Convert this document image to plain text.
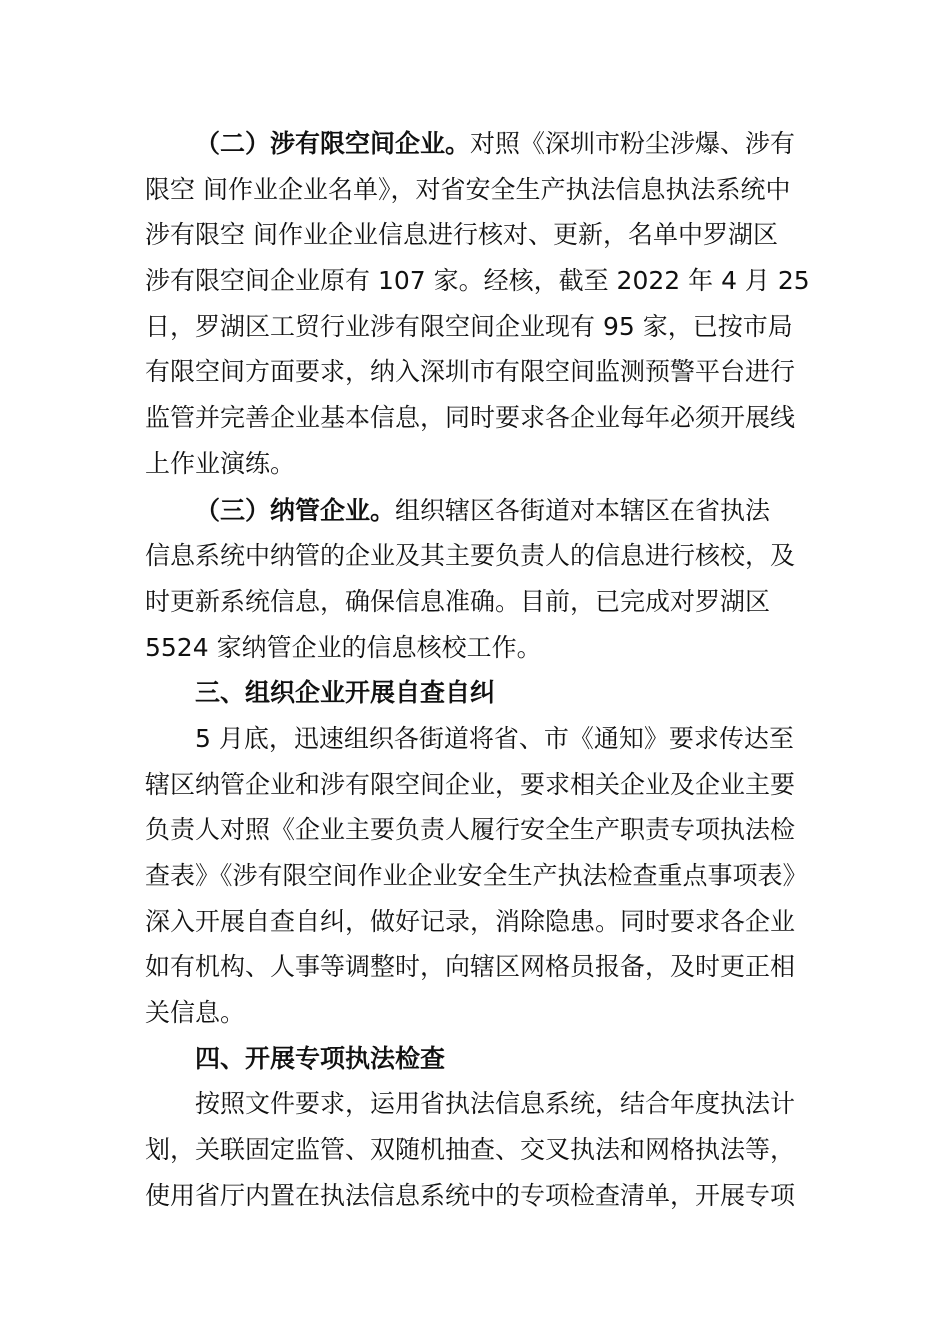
（二）涉有限空间企业。对照《深圳市粉尘涉爆、涉有
限空 间作业企业名单》，对省安全生产执法信息执法系统中
涉有限空 间作业企业信息进行核对、更新，名单中罗湖区
涉有限空间企业原有 107 家。经核，截至 2022 年 4 月 25
日，罗湖区工贸行业涉有限空间企业现有 95 家，已按市局
有限空间方面要求，纳入深圳市有限空间监测预警平台进行
监管并完善企业基本信息，同时要求各企业每年必须开展线
上作业演练。
（三）纳管企业。组织辖区各街道对本辖区在省执法
信息系统中纳管的企业及其主要负责人的信息进行核校，及
时更新系统信息，确保信息准确。目前，已完成对罗湖区
5524 家纳管企业的信息核校工作。
三、组织企业开展自查自纠
5 月底，迅速组织各街道将省、市《通知》要求传达至
辖区纳管企业和涉有限空间企业，要求相关企业及企业主要
负责人对照《企业主要负责人履行安全生产职责专项执法检
查表》《涉有限空间作业企业安全生产执法检查重点事项表》
深入开展自查自纠，做好记录，消除隐患。同时要求各企业
如有机构、人事等调整时，向辖区网格员报备，及时更正相
关信息。
四、开展专项执法检查
按照文件要求，运用省执法信息系统，结合年度执法计
划，关联固定监管、双随机抽查、交叉执法和网格执法等，
使用省厅内置在执法信息系统中的专项检查清单，开展专项
